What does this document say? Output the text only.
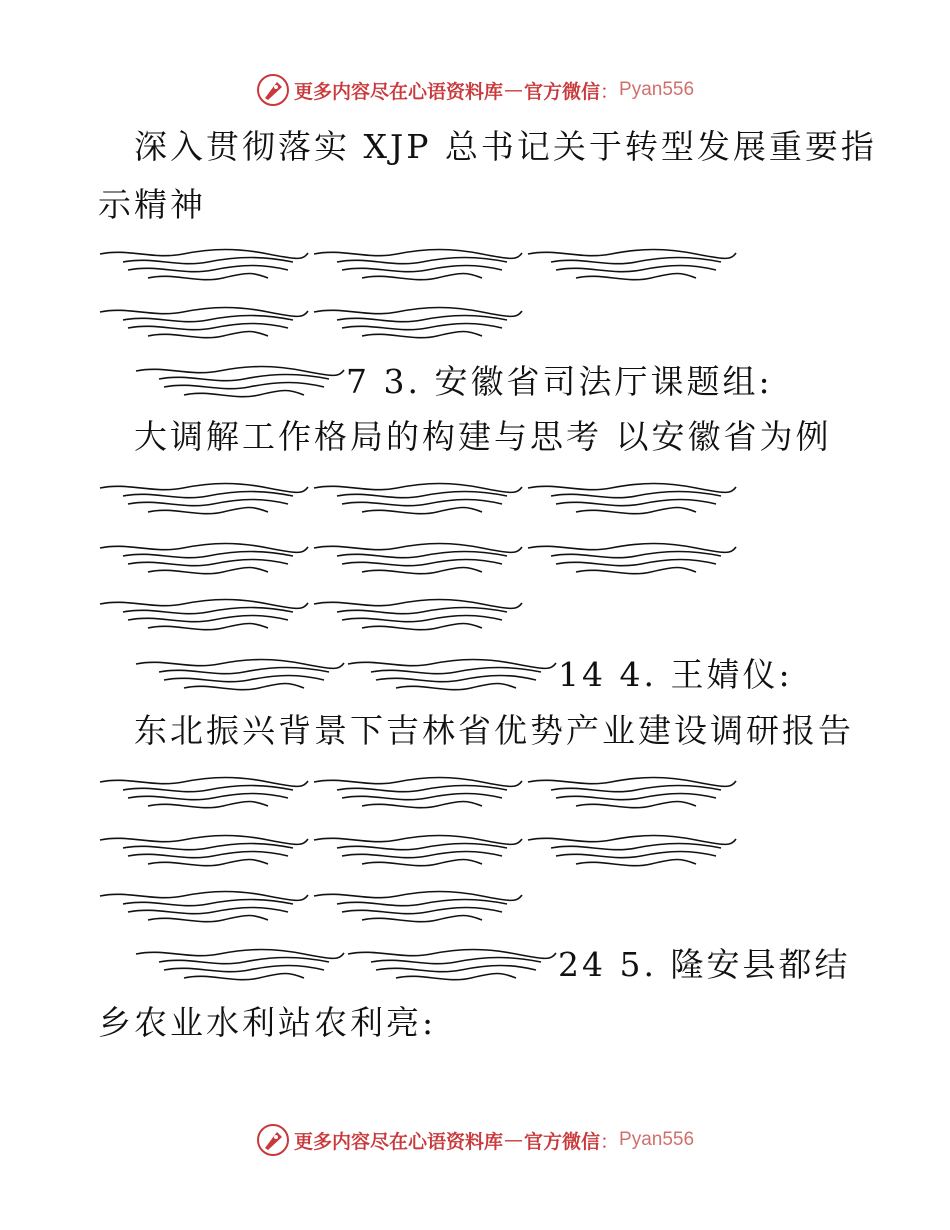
更多内容尽在心语资料库 — 官方微信 ： Pyan556
深入贯彻落实 XJP 总书记关于转型发展重要指
示精神
7 3. 安徽省司法厅课题组:
大调解工作格局的构建与思考 以安徽省为例
14 4. 王婧仪:
东北振兴背景下吉林省优势产业建设调研报告
24 5. 隆安县都结
乡农业水利站农利亮:
更多内容尽在心语资料库 — 官方微信 ： Pyan556
